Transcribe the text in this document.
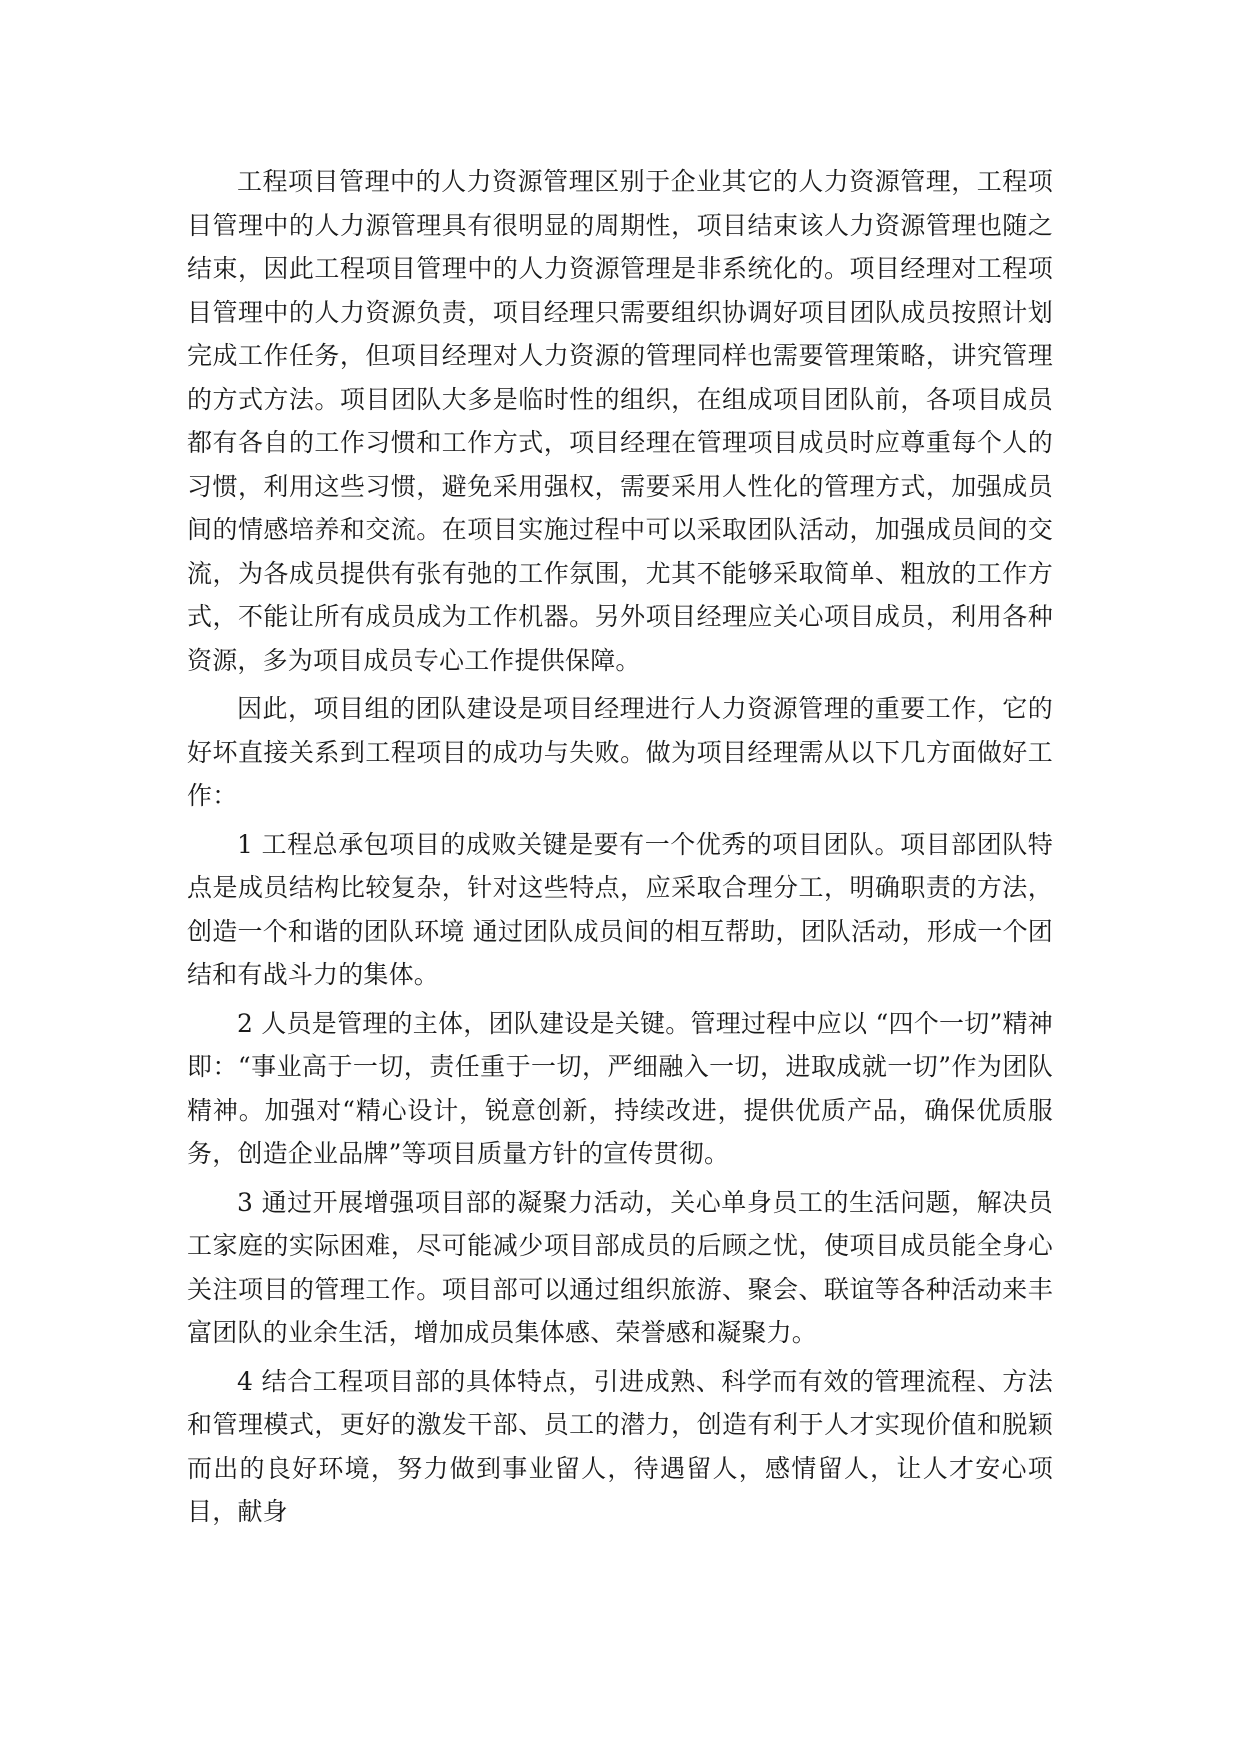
工程项目管理中的人力资源管理区别于企业其它的人力资源管理，工程项目管理中的人力源管理具有很明显的周期性，项目结束该人力资源管理也随之结束，因此工程项目管理中的人力资源管理是非系统化的。项目经理对工程项目管理中的人力资源负责，项目经理只需要组织协调好项目团队成员按照计划完成工作任务，但项目经理对人力资源的管理同样也需要管理策略，讲究管理的方式方法。项目团队大多是临时性的组织，在组成项目团队前，各项目成员都有各自的工作习惯和工作方式，项目经理在管理项目成员时应尊重每个人的习惯，利用这些习惯，避免采用强权，需要采用人性化的管理方式，加强成员间的情感培养和交流。在项目实施过程中可以采取团队活动，加强成员间的交流，为各成员提供有张有弛的工作氛围，尤其不能够采取简单、粗放的工作方式，不能让所有成员成为工作机器。另外项目经理应关心项目成员，利用各种资源，多为项目成员专心工作提供保障。

因此，项目组的团队建设是项目经理进行人力资源管理的重要工作，它的好坏直接关系到工程项目的成功与失败。做为项目经理需从以下几方面做好工作：

1 工程总承包项目的成败关键是要有一个优秀的项目团队。项目部团队特点是成员结构比较复杂，针对这些特点，应采取合理分工，明确职责的方法，创造一个和谐的团队环境 通过团队成员间的相互帮助，团队活动，形成一个团结和有战斗力的集体。

2 人员是管理的主体，团队建设是关键。管理过程中应以 “四个一切”精神即：“事业高于一切，责任重于一切，严细融入一切，进取成就一切”作为团队精神。加强对“精心设计，锐意创新，持续改进，提供优质产品，确保优质服务，创造企业品牌”等项目质量方针的宣传贯彻。

3 通过开展增强项目部的凝聚力活动，关心单身员工的生活问题，解决员工家庭的实际困难，尽可能减少项目部成员的后顾之忧，使项目成员能全身心关注项目的管理工作。项目部可以通过组织旅游、聚会、联谊等各种活动来丰富团队的业余生活，增加成员集体感、荣誉感和凝聚力。

4 结合工程项目部的具体特点，引进成熟、科学而有效的管理流程、方法和管理模式，更好的激发干部、员工的潜力，创造有利于人才实现价值和脱颖而出的良好环境，努力做到事业留人，待遇留人，感情留人，让人才安心项目，献身
